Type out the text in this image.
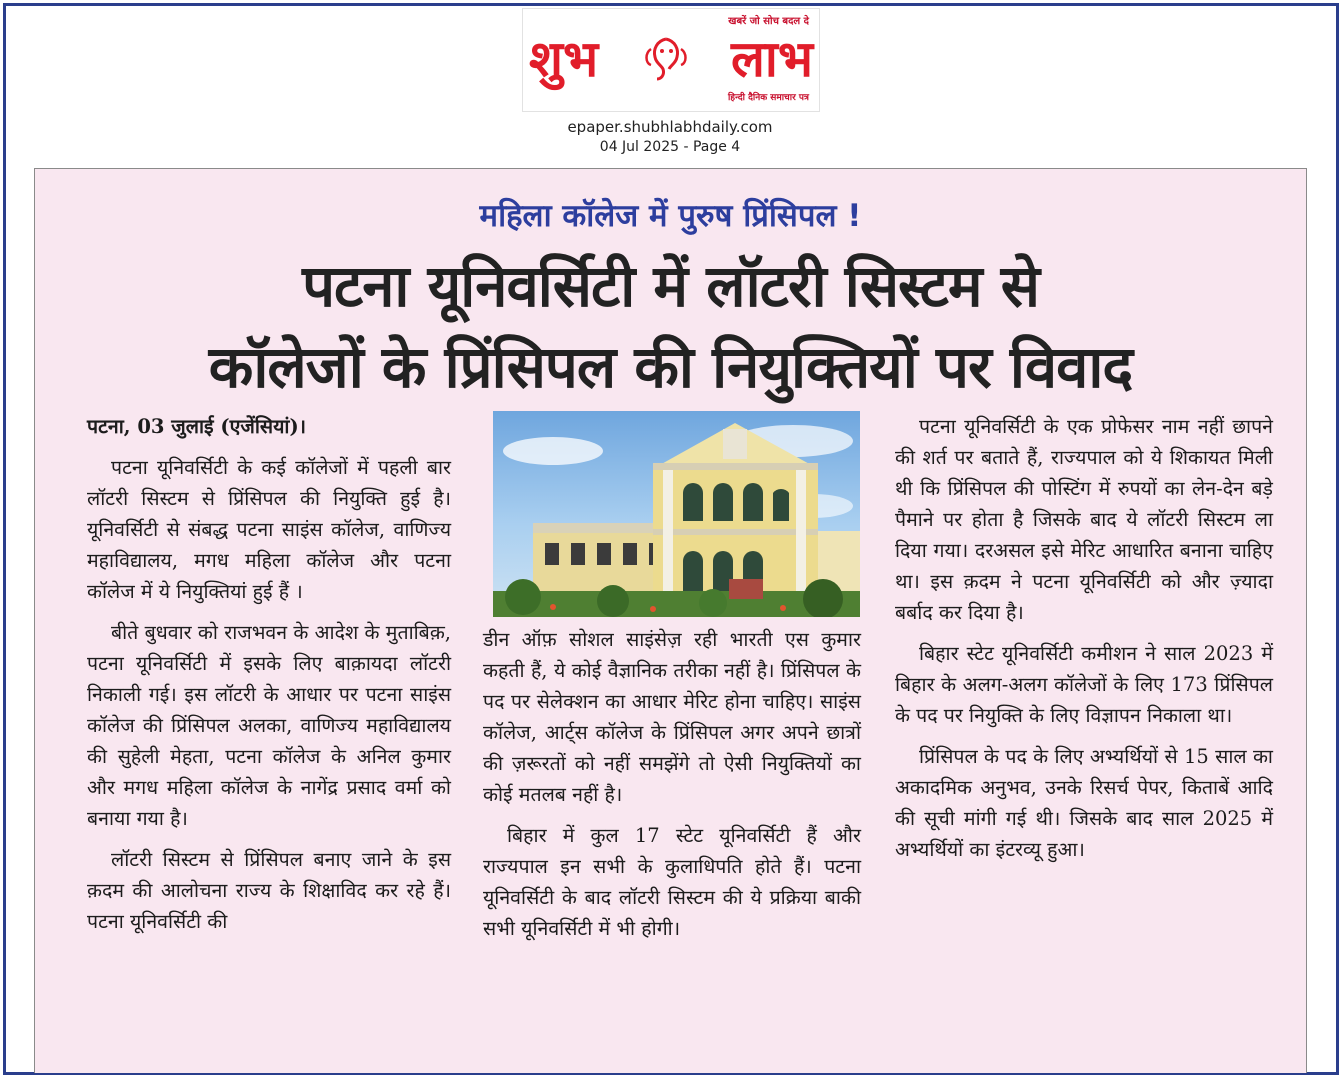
खबरें जो सोच बदल दे
शुभ	लाभ
हिन्दी दैनिक समाचार पत्र
epaper.shubhlabhdaily.com
04 Jul 2025 - Page 4
महिला कॉलेज में पुरुष प्रिंसिपल !
पटना यूनिवर्सिटी में लॉटरी सिस्टम से
कॉलेजों के प्रिंसिपल की नियुक्तियों पर विवाद

पटना, 03 जुलाई (एजेंसियां)।

पटना यूनिवर्सिटी के कई कॉलेजों में पहली बार लॉटरी सिस्टम से प्रिंसिपल की नियुक्ति हुई है। यूनिवर्सिटी से संबद्ध पटना साइंस कॉलेज, वाणिज्य महाविद्यालय, मगध महिला कॉलेज और पटना कॉलेज में ये नियुक्तियां हुई हैं ।

बीते बुधवार को राजभवन के आदेश के मुताबिक़, पटना यूनिवर्सिटी में इसके लिए बाक़ायदा लॉटरी निकाली गई। इस लॉटरी के आधार पर पटना साइंस कॉलेज की प्रिंसिपल अलका, वाणिज्य महाविद्यालय की सुहेली मेहता, पटना कॉलेज के अनिल कुमार और मगध महिला कॉलेज के नागेंद्र प्रसाद वर्मा को बनाया गया है।

लॉटरी सिस्टम से प्रिंसिपल बनाए जाने के इस क़दम की आलोचना राज्य के शिक्षाविद कर रहे हैं। पटना यूनिवर्सिटी की

डीन ऑफ़ सोशल साइंसेज़ रही भारती एस कुमार कहती हैं, ये कोई वैज्ञानिक तरीका नहीं है। प्रिंसिपल के पद पर सेलेक्शन का आधार मेरिट होना चाहिए। साइंस कॉलेज, आर्ट्स कॉलेज के प्रिंसिपल अगर अपने छात्रों की ज़रूरतों को नहीं समझेंगे तो ऐसी नियुक्तियों का कोई मतलब नहीं है।

बिहार में कुल 17 स्टेट यूनिवर्सिटी हैं और राज्यपाल इन सभी के कुलाधिपति होते हैं। पटना यूनिवर्सिटी के बाद लॉटरी सिस्टम की ये प्रक्रिया बाकी सभी यूनिवर्सिटी में भी होगी।

पटना यूनिवर्सिटी के एक प्रोफेसर नाम नहीं छापने की शर्त पर बताते हैं, राज्यपाल को ये शिकायत मिली थी कि प्रिंसिपल की पोस्टिंग में रुपयों का लेन-देन बड़े पैमाने पर होता है जिसके बाद ये लॉटरी सिस्टम ला दिया गया। दरअसल इसे मेरिट आधारित बनाना चाहिए था। इस क़दम ने पटना यूनिवर्सिटी को और ज़्यादा बर्बाद कर दिया है।

बिहार स्टेट यूनिवर्सिटी कमीशन ने साल 2023 में बिहार के अलग-अलग कॉलेजों के लिए 173 प्रिंसिपल के पद पर नियुक्ति के लिए विज्ञापन निकाला था।

प्रिंसिपल के पद के लिए अभ्यर्थियों से 15 साल का अकादमिक अनुभव, उनके रिसर्च पेपर, किताबें आदि की सूची मांगी गई थी। जिसके बाद साल 2025 में अभ्यर्थियों का इंटरव्यू हुआ।
